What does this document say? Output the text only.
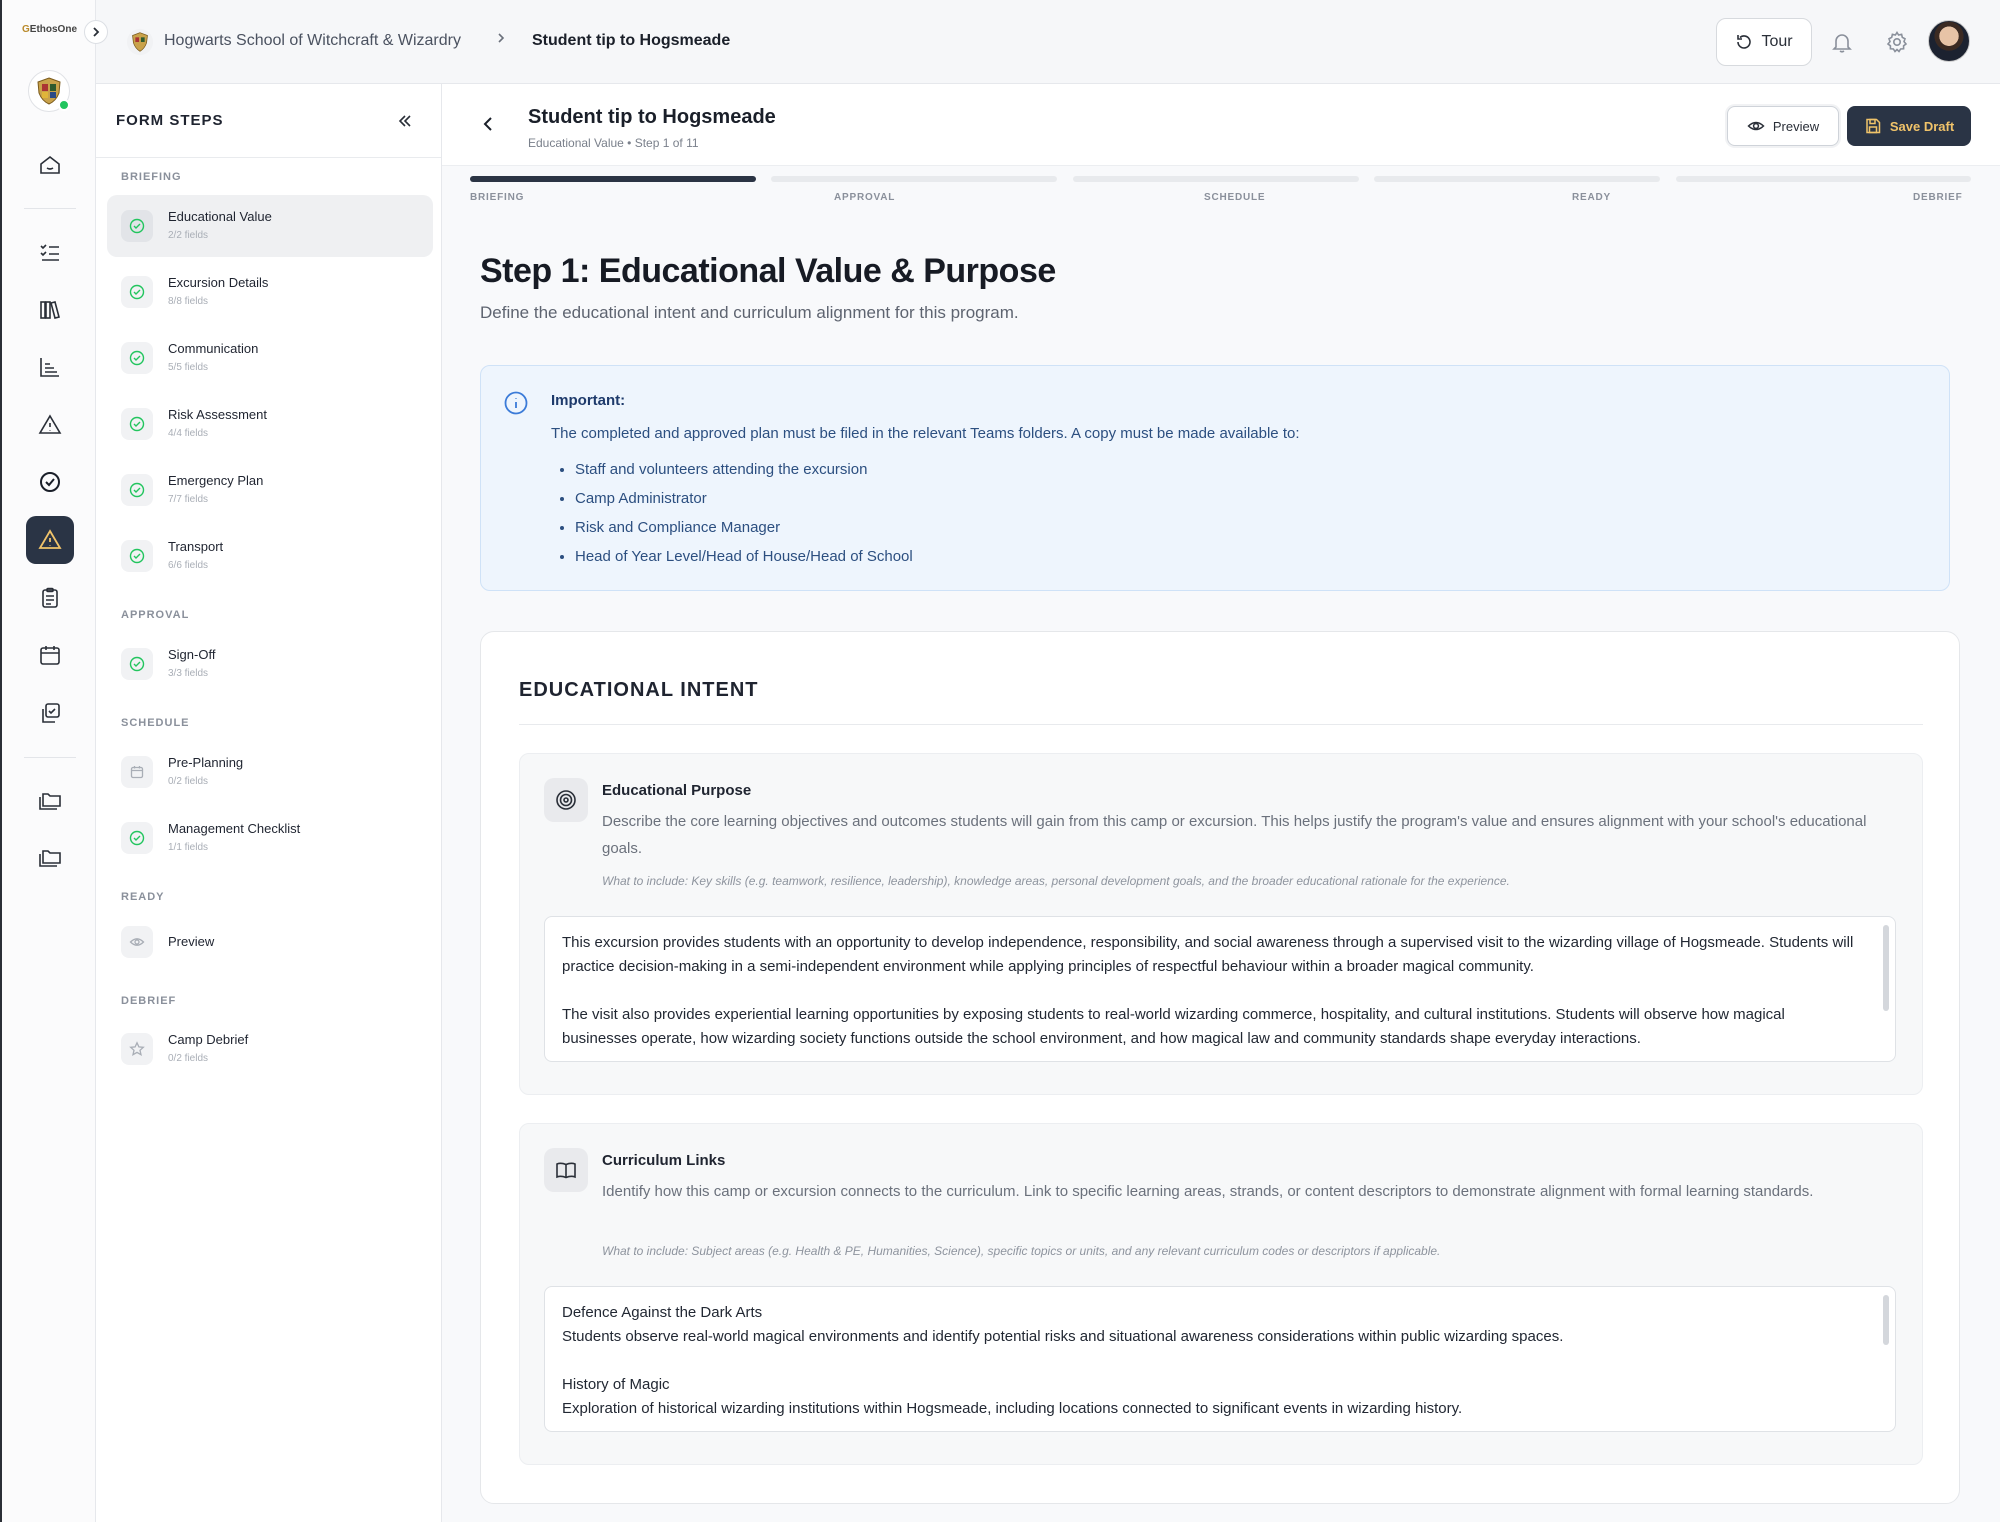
GEthosOne
Hogwarts School of Witchcraft & Wizardry	Student tip to Hogsmeade	Tour
FORM STEPS
BRIEFING
Educational Value
2/2 fields
Excursion Details
8/8 fields
Communication
5/5 fields
Risk Assessment
4/4 fields
Emergency Plan
7/7 fields
Transport
6/6 fields
APPROVAL
Sign-Off
3/3 fields
SCHEDULE
Pre-Planning
0/2 fields
Management Checklist
1/1 fields
READY
Preview
DEBRIEF
Camp Debrief
0/2 fields
Student tip to Hogsmeade
Educational Value • Step 1 of 11
Preview	Save Draft
BRIEFING	APPROVAL	SCHEDULE	READY	DEBRIEF
Step 1: Educational Value & Purpose

Define the educational intent and curriculum alignment for this program.

Important:
The completed and approved plan must be filed in the relevant Teams folders. A copy must be made available to:
• Staff and volunteers attending the excursion
• Camp Administrator
• Risk and Compliance Manager
• Head of Year Level/Head of House/Head of School
EDUCATIONAL INTENT
Educational Purpose

Describe the core learning objectives and outcomes students will gain from this camp or excursion. This helps justify the program's value and ensures alignment with your school's educational goals.

What to include: Key skills (e.g. teamwork, resilience, leadership), knowledge areas, personal development goals, and the broader educational rationale for the experience.

This excursion provides students with an opportunity to develop independence, responsibility, and social awareness through a supervised visit to the wizarding village of Hogsmeade. Students will practice decision-making in a semi-independent environment while applying principles of respectful behaviour within a broader magical community.

The visit also provides experiential learning opportunities by exposing students to real-world wizarding commerce, hospitality, and cultural institutions. Students will observe how magical businesses operate, how wizarding society functions outside the school environment, and how magical law and community standards shape everyday interactions.

Curriculum Links

Identify how this camp or excursion connects to the curriculum. Link to specific learning areas, strands, or content descriptors to demonstrate alignment with formal learning standards.

What to include: Subject areas (e.g. Health & PE, Humanities, Science), specific topics or units, and any relevant curriculum codes or descriptors if applicable.

Defence Against the Dark Arts

Students observe real-world magical environments and identify potential risks and situational awareness considerations within public wizarding spaces.

History of Magic

Exploration of historical wizarding institutions within Hogsmeade, including locations connected to significant events in wizarding history.
